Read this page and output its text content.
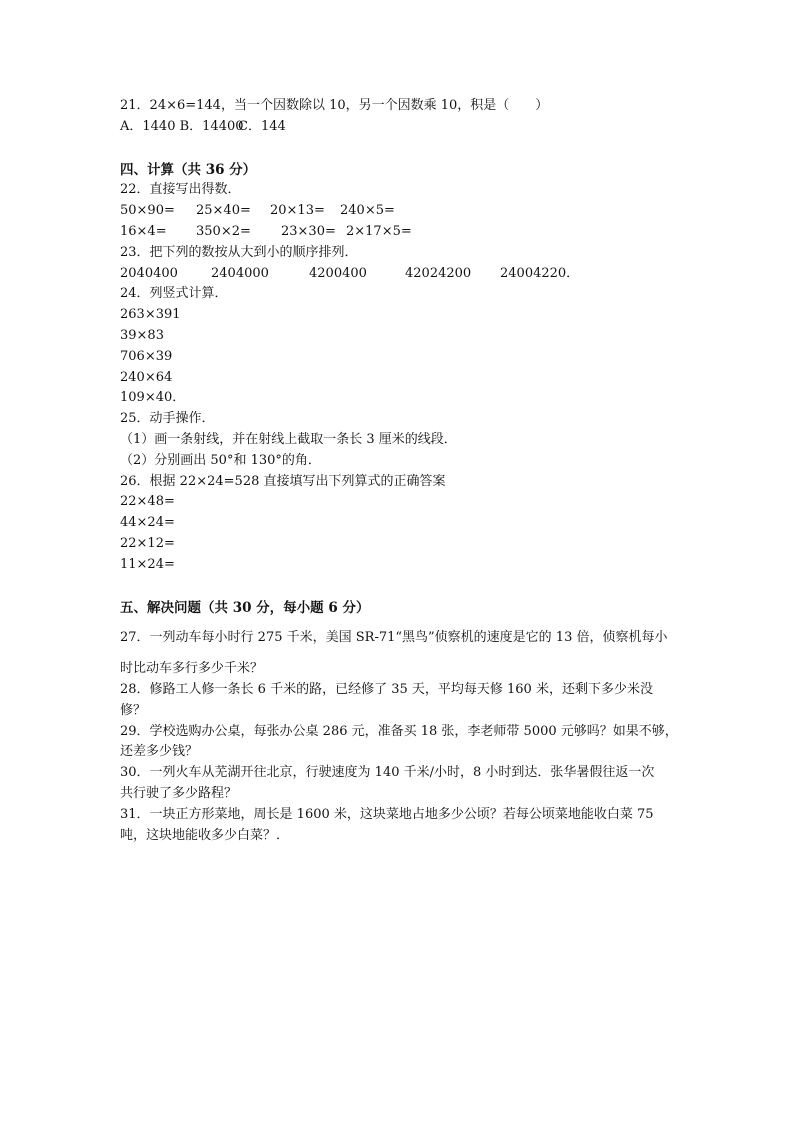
21．24×6=144，当一个因数除以 10，另一个因数乘 10，积是（　　）
A．1440 B．14400
C．144
四、计算（共 36 分）
22．直接写出得数．
50×90=	25×40=	20×13=	240×5=
16×4=	350×2=	23×30= 2×17×5=
23．把下列的数按从大到小的顺序排列．
2040400	2404000	4200400	42024200	24004220．
24．列竖式计算．
263×391
39×83
706×39
240×64
109×40．
25．动手操作．
（1）画一条射线，并在射线上截取一条长 3 厘米的线段．
（2）分别画出 50°和 130°的角．
26．根据 22×24=528 直接填写出下列算式的正确答案
22×48=
44×24=
22×12=
11×24=
五、解决问题（共 30 分，每小题 6 分）
27．一列动车每小时行 275 千米，美国 SR-71“黑鸟”侦察机的速度是它的 13 倍，侦察机每小
时比动车多行多少千米？
28．修路工人修一条长 6 千米的路，已经修了 35 天，平均每天修 160 米，还剩下多少米没
修？
29．学校选购办公桌，每张办公桌 286 元，准备买 18 张，李老师带 5000 元够吗？如果不够，
还差多少钱？
30．一列火车从芜湖开往北京，行驶速度为 140 千米/小时，8 小时到达．张华暑假往返一次
共行驶了多少路程？
31．一块正方形菜地，周长是 1600 米，这块菜地占地多少公顷？若每公顷菜地能收白菜 75
吨，这块地能收多少白菜？．
